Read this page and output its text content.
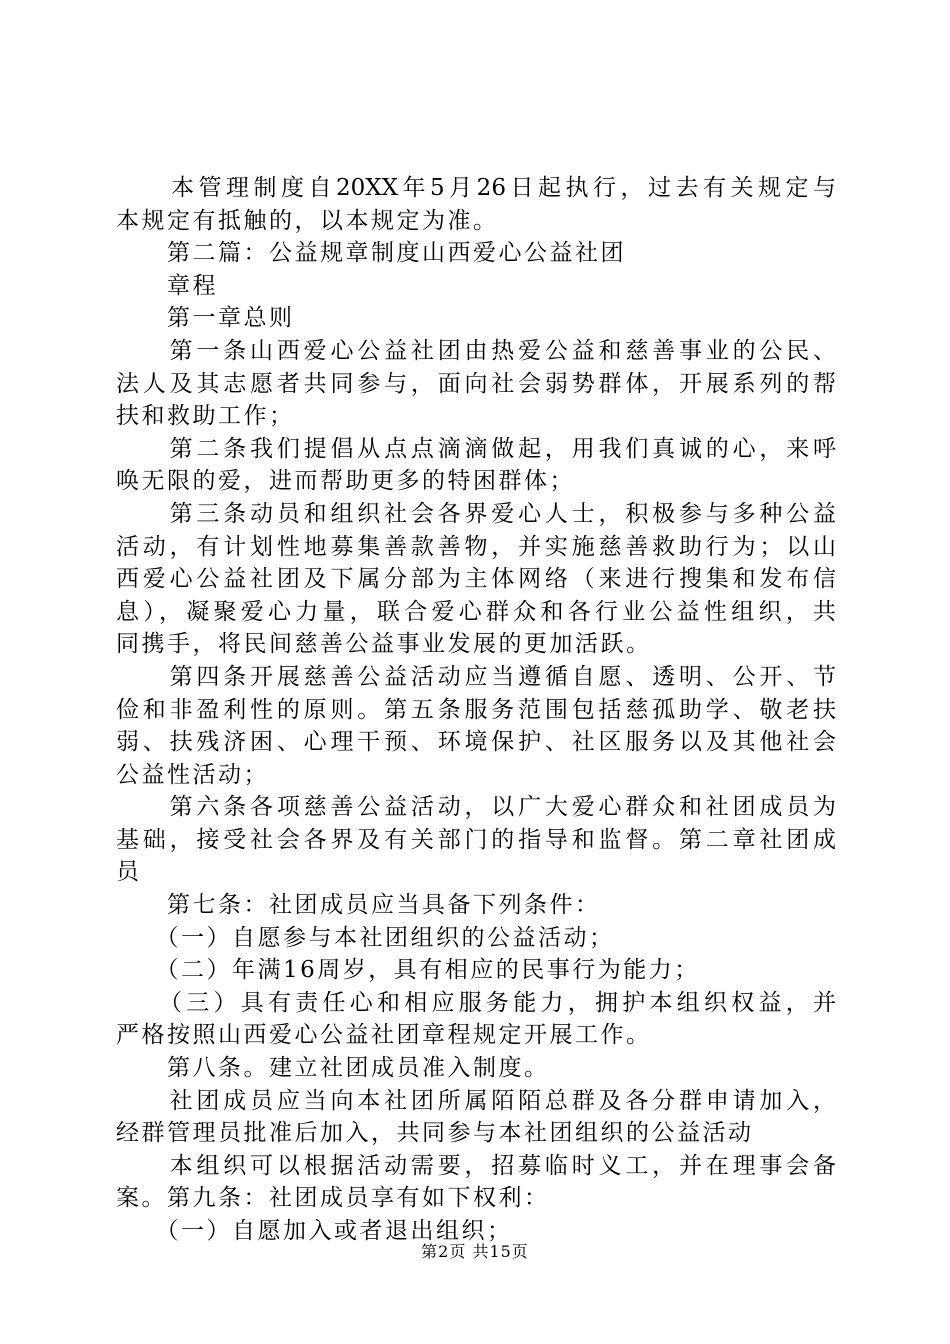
　　本管理制度自20XX年5月26日起执行，过去有关规定与
本规定有抵触的，以本规定为准。
　　第二篇：公益规章制度山西爱心公益社团
　　章程
　　第一章总则
　　第一条山西爱心公益社团由热爱公益和慈善事业的公民、
法人及其志愿者共同参与，面向社会弱势群体，开展系列的帮
扶和救助工作；
　　第二条我们提倡从点点滴滴做起，用我们真诚的心，来呼
唤无限的爱，进而帮助更多的特困群体；
　　第三条动员和组织社会各界爱心人士，积极参与多种公益
活动，有计划性地募集善款善物，并实施慈善救助行为；以山
西爱心公益社团及下属分部为主体网络（来进行搜集和发布信
息），凝聚爱心力量，联合爱心群众和各行业公益性组织，共
同携手，将民间慈善公益事业发展的更加活跃。
　　第四条开展慈善公益活动应当遵循自愿、透明、公开、节
俭和非盈利性的原则。第五条服务范围包括慈孤助学、敬老扶
弱、扶残济困、心理干预、环境保护、社区服务以及其他社会
公益性活动；
　　第六条各项慈善公益活动，以广大爱心群众和社团成员为
基础，接受社会各界及有关部门的指导和监督。第二章社团成
员
　　第七条：社团成员应当具备下列条件：
　　（一）自愿参与本社团组织的公益活动；
　　（二）年满16周岁，具有相应的民事行为能力；
　　（三）具有责任心和相应服务能力，拥护本组织权益，并
严格按照山西爱心公益社团章程规定开展工作。
　　第八条。建立社团成员准入制度。
　　社团成员应当向本社团所属陌陌总群及各分群申请加入，
经群管理员批准后加入，共同参与本社团组织的公益活动
　　本组织可以根据活动需要，招募临时义工，并在理事会备
案。第九条：社团成员享有如下权利：
　　（一）自愿加入或者退出组织；
第2页 共15页
